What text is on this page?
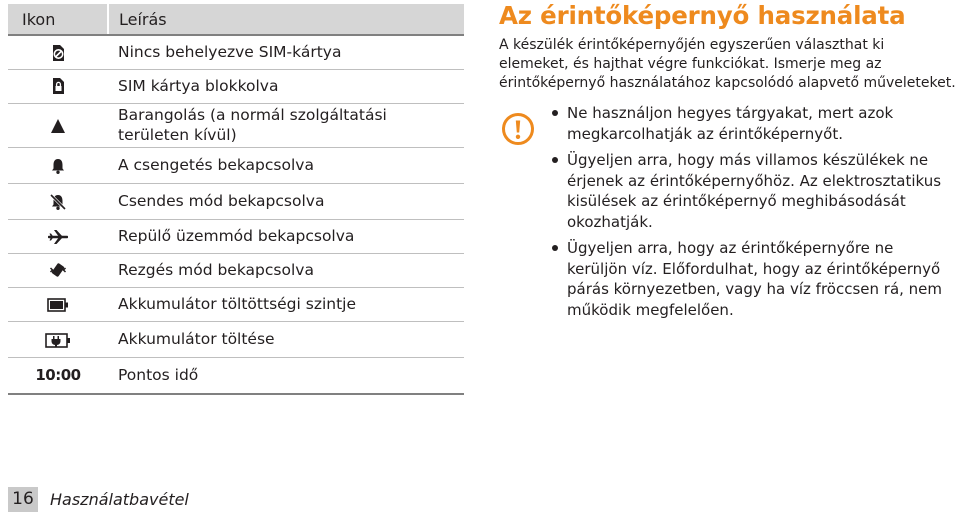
Ikon	Leírás

	Nincs behelyezve SIM-kártya

	SIM kártya blokkolva

	Barangolás (a normál szolgáltatási területen kívül)

	A csengetés bekapcsolva

	Csendes mód bekapcsolva

	Repülő üzemmód bekapcsolva

	Rezgés mód bekapcsolva

	Akkumulátor töltöttségi szintje

	Akkumulátor töltése
10:00	Pontos idő
Az érintőképernyő használata

A készülék érintőképernyőjén egyszerűen választhat ki elemeket, és hajthat végre funkciókat. Ismerje meg az érintőképernyő használatához kapcsolódó alapvető műveleteket.

Ne használjon hegyes tárgyakat, mert azok megkarcolhatják az érintőképernyőt.
Ügyeljen arra, hogy más villamos készülékek ne érjenek az érintőképernyőhöz. Az elektrosztatikus kisülések az érintőképernyő meghibásodását okozhatják.
Ügyeljen arra, hogy az érintőképernyőre ne kerüljön víz. Előfordulhat, hogy az érintőképernyő párás környezetben, vagy ha víz fröccsen rá, nem működik megfelelően.
16 Használatbavétel
